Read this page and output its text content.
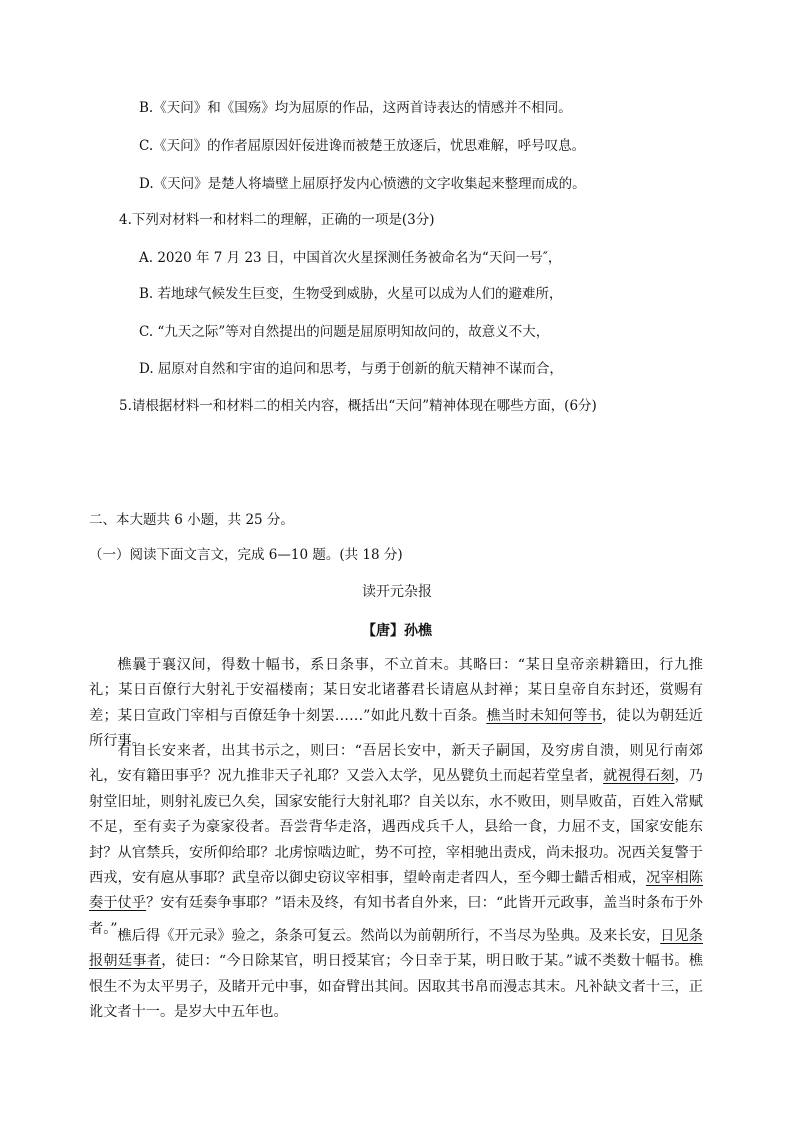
B.《天问》和《国殇》均为屈原的作品，这两首诗表达的情感并不相同。
C.《天问》的作者屈原因奸佞进谗而被楚王放逐后，忧思难解，呼号叹息。
D.《天问》是楚人将墙壁上屈原抒发内心愤懑的文字收集起来整理而成的。
4.下列对材料一和材料二的理解，正确的一项是(3分)
A. 2020 年 7 月 23 日，中国首次火星探测任务被命名为“天问一号″，
B. 若地球气候发生巨变，生物受到威胁，火星可以成为人们的避难所，
C. “九天之际”等对自然提出的问题是屈原明知故问的，故意义不大，
D. 屈原对自然和宇宙的追问和思考，与勇于创新的航天精神不谋而合，
5.请根据材料一和材料二的相关内容，概括出“天问”精神体现在哪些方面，(6分)
二、本大题共 6 小题，共 25 分。
（一）阅读下面文言文，完成 6—10 题。(共 18 分)
读开元杂报
【唐】孙樵
樵曩于襄汉间，得数十幅书，系日条事，不立首末。其略曰：“某日皇帝亲耕籍田，行九推礼；某日百僚行大射礼于安福楼南；某日安北诸蕃君长请扈从封禅；某日皇帝自东封还，赏赐有差；某日宣政门宰相与百僚廷争十刻罢……”如此凡数十百条。樵当时未知何等书，徒以为朝廷近所行事。
有自长安来者，出其书示之，则曰：“吾居长安中，新天子嗣国，及穷虏自溃，则见行南郊礼，安有籍田事乎？况九推非天子礼耶？又尝入太学，见丛甓负土而起若堂皇者，就視得石刻，乃射堂旧址，则射礼废已久矣，国家安能行大射礼耶？自关以东，水不败田，则旱败苗，百姓入常赋不足，至有卖子为豪家役者。吾尝背华走洛，遇西戍兵千人，县给一食，力屈不支，国家安能东封？从官禁兵，安所仰给耶？北虏惊啮边甿，势不可控，宰相驰出责戍，尚未报功。况西关复警于西戎，安有扈从事耶？武皇帝以御史窃议宰相事，望岭南走者四人，至今卿士齰舌相戒，况宰相陈奏于仗乎？安有廷奏争事耶？”语未及终，有知书者自外来，曰：“此皆开元政事，盖当时条布于外者。” 樵后得《开元录》验之，条条可复云。然尚以为前朝所行，不当尽为坠典。及来长安，日见条报朝廷事者，徒曰：“今日除某官，明日授某官；今日幸于某，明日畋于某。”诚不类数十幅书。樵恨生不为太平男子，及睹开元中事，如奋臂出其间。因取其书帛而漫志其末。凡补缺文者十三，正讹文者十一。是岁大中五年也。
